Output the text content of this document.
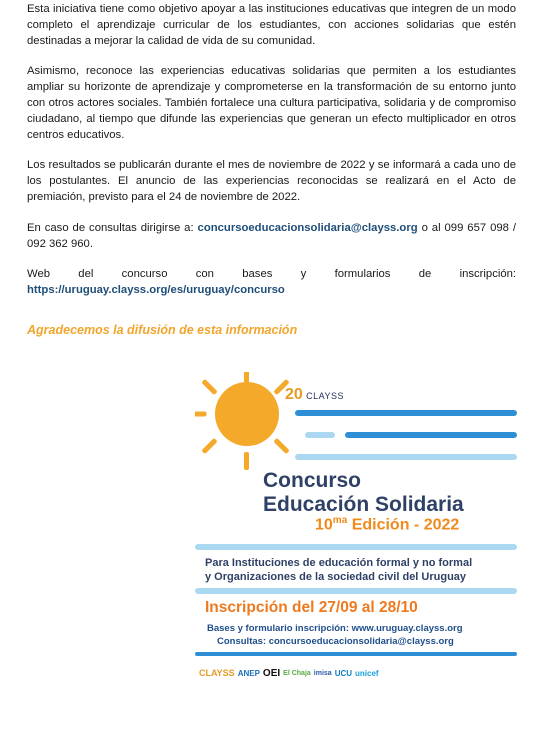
Esta iniciativa tiene como objetivo apoyar a las instituciones educativas que integren de un modo completo el aprendizaje curricular de los estudiantes, con acciones solidarias que estén destinadas a mejorar la calidad de vida de su comunidad.

Asimismo, reconoce las experiencias educativas solidarias que permiten a los estudiantes ampliar su horizonte de aprendizaje y comprometerse en la transformación de su entorno junto con otros actores sociales. También fortalece una cultura participativa, solidaria y de compromiso ciudadano, al tiempo que difunde las experiencias que generan un efecto multiplicador en otros centros educativos.

Los resultados se publicarán durante el mes de noviembre de 2022 y se informará a cada uno de los postulantes. El anuncio de las experiencias reconocidas se realizará en el Acto de premiación, previsto para el 24 de noviembre de 2022.

En caso de consultas dirigirse a: concursoeducacionsolidaria@clayss.org o al 099 657 098 / 092 362 960.

Web	del	concurso	con	bases	y	formularios	de	inscripción:

https://uruguay.clayss.org/es/uruguay/concurso

Agradecemos la difusión de esta información
20 CLAYSS
Concurso
Educación Solidaria
$10^{ma}$ Edición - 2022
Para Instituciones de educación formal y no formal
y Organizaciones de la sociedad civil del Uruguay
Inscripción del 27/09 al 28/10
Bases y formulario inscripción: www.uruguay.clayss.org
Consultas: concursoeducacionsolidaria@clayss.org
CLAYSS ANEP OEI El Chaja imisa UCU unicef
